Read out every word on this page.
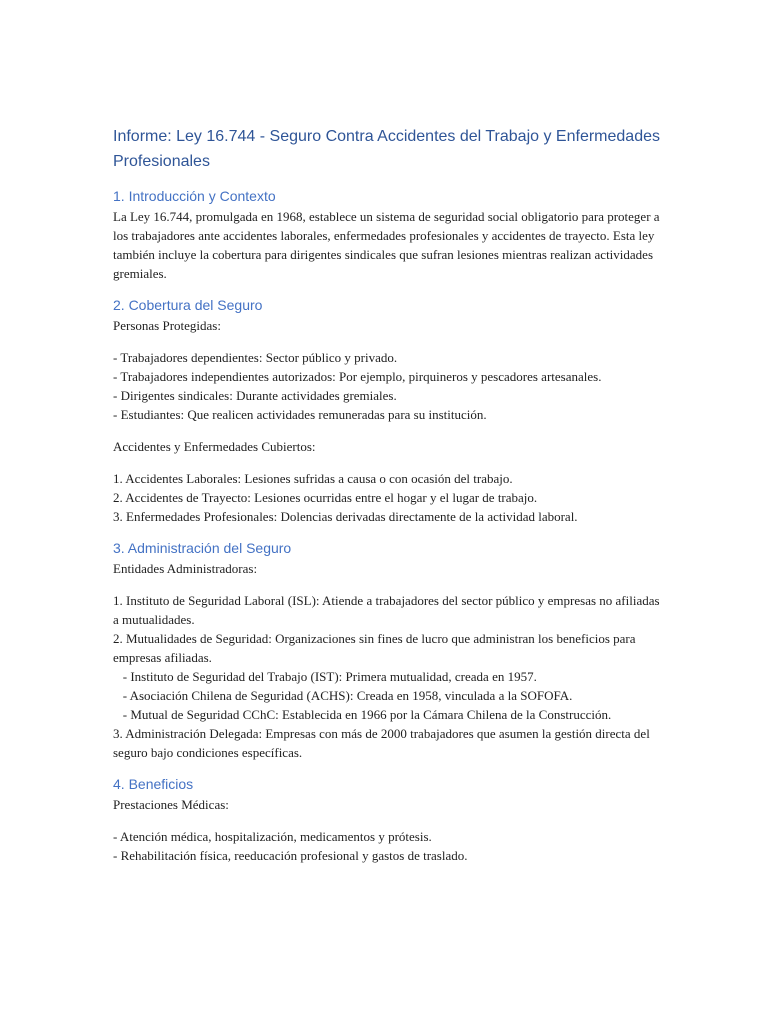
Informe: Ley 16.744 - Seguro Contra Accidentes del Trabajo y Enfermedades Profesionales
1. Introducción y Contexto

La Ley 16.744, promulgada en 1968, establece un sistema de seguridad social obligatorio para proteger a los trabajadores ante accidentes laborales, enfermedades profesionales y accidentes de trayecto. Esta ley también incluye la cobertura para dirigentes sindicales que sufran lesiones mientras realizan actividades gremiales.

2. Cobertura del Seguro

Personas Protegidas:

- Trabajadores dependientes: Sector público y privado.

- Trabajadores independientes autorizados: Por ejemplo, pirquineros y pescadores artesanales.

- Dirigentes sindicales: Durante actividades gremiales.

- Estudiantes: Que realicen actividades remuneradas para su institución.

Accidentes y Enfermedades Cubiertos:

1. Accidentes Laborales: Lesiones sufridas a causa o con ocasión del trabajo.

2. Accidentes de Trayecto: Lesiones ocurridas entre el hogar y el lugar de trabajo.

3. Enfermedades Profesionales: Dolencias derivadas directamente de la actividad laboral.

3. Administración del Seguro

Entidades Administradoras:

1. Instituto de Seguridad Laboral (ISL): Atiende a trabajadores del sector público y empresas no afiliadas a mutualidades.

2. Mutualidades de Seguridad: Organizaciones sin fines de lucro que administran los beneficios para empresas afiliadas.

- Instituto de Seguridad del Trabajo (IST): Primera mutualidad, creada en 1957.

- Asociación Chilena de Seguridad (ACHS): Creada en 1958, vinculada a la SOFOFA.

- Mutual de Seguridad CChC: Establecida en 1966 por la Cámara Chilena de la Construcción.

3. Administración Delegada: Empresas con más de 2000 trabajadores que asumen la gestión directa del seguro bajo condiciones específicas.

4. Beneficios

Prestaciones Médicas:

- Atención médica, hospitalización, medicamentos y prótesis.

- Rehabilitación física, reeducación profesional y gastos de traslado.
